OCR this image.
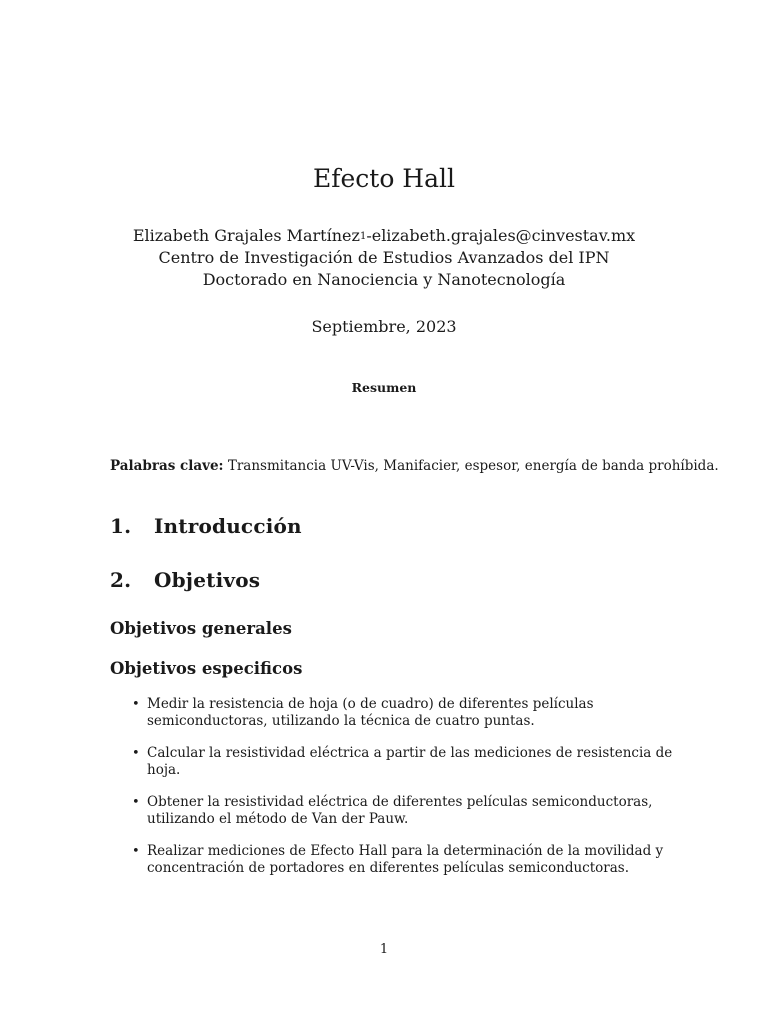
Efecto Hall
Elizabeth Grajales Martínez$^1$-elizabeth.grajales@cinvestav.mx
Centro de Investigación de Estudios Avanzados del IPN
Doctorado en Nanociencia y Nanotecnología
Septiembre, 2023
Resumen
Palabras clave: Transmitancia UV-Vis, Manifacier, espesor, energía de banda prohíbida.
1. Introducción
2. Objetivos
Objetivos generales
Objetivos especificos
• Medir la resistencia de hoja (o de cuadro) de diferentes películas semiconductoras, utilizando la técnica de cuatro puntas.
• Calcular la resistividad eléctrica a partir de las mediciones de resistencia de hoja.
• Obtener la resistividad eléctrica de diferentes películas semiconductoras, utilizando el método de Van der Pauw.
• Realizar mediciones de Efecto Hall para la determinación de la movilidad y concentración de portadores en diferentes películas semiconductoras.
1
